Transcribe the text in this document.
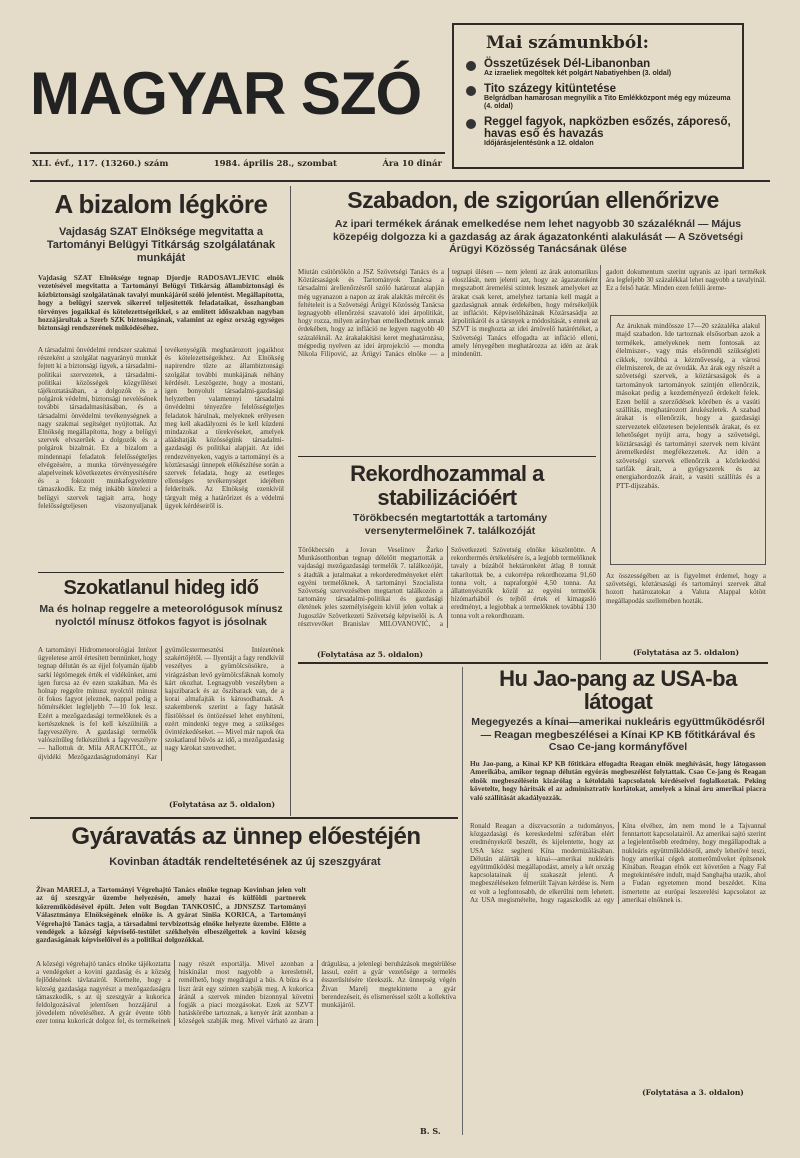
MAGYAR SZÓ
Mai számunkból:
Összetűzések Dél-Libanonban
Az izraeliek megöltek két polgárt Nabatiyehben (3. oldal)
Tito százegy kitüntetése
Belgrádban hamarosan megnyílik a Tito Emlékközpont még egy múzeuma (4. oldal)
Reggel fagyok, napközben esőzés, záporeső, havas eső és havazás
Időjárásjelentésünk a 12. oldalon
XLI. évf., 117. (13260.) szám	1984. április 28., szombat	Ára 10 dinár
A bizalom légköre
Vajdaság SZAT Elnöksége megvitatta a Tartományi Belügyi Titkárság szolgálatának munkáját
Vajdaság SZAT Elnöksége tegnap Djordje RADOSAVLJEVIC elnök vezetésével megvitatta a Tartományi Belügyi Titkárság állambiztonsági és közbiztonsági szolgálatának tavalyi munkájáról szóló jelentést. Megállapította, hogy a belügyi szervek sikerrel teljesítették feladataikat, összhangban törvényes jogaikkal és kötelezettségeikkel, s az említett időszakban nagyban hozzájárultak a Szerb SZK biztonságának, valamint az egész ország egységes biztonsági rendszerének működéséhez.
A társadalmi önvédelmi rendszer szakmai részeként a szolgálat nagyarányú munkát fejtett ki a biztonsági ügyek, a társadalmi-politikai szervezetek, a társadalmi-politikai közösségek közgyűlései tájékoztatásában, a dolgozók és a polgárok védelmi, biztonsági nevelésének további társadalmasításában, és a társadalmi önvédelmi tevékenységnek a nagy szakmai segítséget nyújtottak. Az Elnökség megállapította, hogy a belügyi szervek elvszerűek a dolgozók és a polgárok bizalmát. Ez a bizalom a mindennapi feladatok felelősségteljes elvégzésére, a munka törvényességére alapelveinek következetes érvényesítésére és a fokozott munkafegyelemre támaszkodik. Ez még inkább kötelezi a belügyi szervek tagjait arra, hogy felelősségteljesen viszonyuljanak tevékenységük meghatározott jogaikhoz és kötelezettségeikhez. Az Elnökség napirendre tűzte az állambiztonsági szolgálat további munkájának néhány kérdését. Leszögezte, hogy a mostani, igen bonyolult társadalmi-gazdasági helyzetben valamennyi társadalmi önvédelmi tényezőre felelősségteljes feladatok hárulnak, melyeknek erélyesen meg kell akadályozni és le kell küzdeni mindazokat a törekvéseket, amelyek alááshatják közösségünk társadalmi-gazdasági és politikai alapjait. Az idei rendezvényeken, vagyis a tartományi és a köztársasági ünnepek előkészítése során a szervek feladata, hogy az esetleges ellenséges tevékenységet idejében felderítsék. Az Elnökség ezenkívül tárgyalt még a határőrizet és a védelmi ügyek kérdéseiről is.
Szokatlanul hideg idő
Ma és holnap reggelre a meteorológusok mínusz nyolctól mínusz ötfokos fagyot is jósolnak
A tartományi Hidrometeorológiai Intézet ügyeletese arról értesített bennünket, hogy tegnap délután és az éjjel folyamán újabb sarki légtömegek érték el vidékünket, ami igen furcsa az év ezen szakában. Ma és holnap reggelre mínusz nyolctól mínusz öt fokos fagyot jeleznek, nappal pedig a hőmérséklet legfeljebb 7—10 fok lesz. Ezért a mezőgazdasági termelőknek és a kertészeknek is fel kell készülniük a fagyveszélyre. A gazdasági termelők valószínűleg felkészültek a fagyveszélyre — hallottuk dr. Mila ARACKITÓL, az újvidéki Mezőgazdaságtudományi Kar gyümölcstermesztési Intézetének szakértőjétől. — Ilyentájt a fagy rendkívül veszélyes a gyümölcsösökre, a virágzásban levő gyümölcsfáknak komoly kárt okozhat. Legnagyobb veszélyben a kajszibarack és az őszibarack van, de a korai almafajták is károsodhatnak. A szakemberek szerint a fagy hatását füstöléssel és öntözéssel lehet enyhíteni, ezért mindenki tegye meg a szükséges óvintézkedéseket. — Mivel már napok óta szokatlanul hűvös az idő, a mezőgazdaság nagy károkat szenvedhet.
(Folytatása az 5. oldalon)
Szabadon, de szigorúan ellenőrizve
Az ipari termékek árának emelkedése nem lehet nagyobb 30 százaléknál — Május közepéig dolgozza ki a gazdaság az árak ágazatonkénti alakulását — A Szövetségi Árügyi Közösség Tanácsának ülése
Miután csütörtökön a JSZ Szövetségi Tanács és a Köztársaságok és Tartományok Tanácsa a társadalmi árellenőrzésről szóló határozat alapján még ugyanazon a napon az árak alakítás mércéit és feltételeit is a Szövetségi Árügyi Közösség Tanácsa legnagyobb ellenőrzési szavatoló idei árpolitikát, hogy rozza, milyen arányban emelkedhetnek annak érdekében, hogy az infláció ne legyen nagyobb 40 százaléknál. Az árakalakítási keret meghatározása, mégpedig nyelven az idei árprojekció — mondta Nikola Filipović, az Árügyi Tanács elnöke — a tegnapi ülésen — nem jelenti az árak automatikus eloszlását, nem jelenti azt, hogy az ágazatonként megszabott áremelési szintek lesznek amelyeket az árakat csak keret, amelyhez tartania kell magát a gazdaságnak annak érdekében, hogy mérsékeljük az inflációt. Képviselőházának Közársasádja az árpolitikáról és a társnyek a módosítását, s ennek az SZVT is meghozta az idei árnövelő határértéket, a Szövetségi Tanács elfogadta az infláció elleni, amely lényegében meghatározza az idén az árak mindenütt.
gadott dokumentum szerint ugyanis az ipari termékek ára legfeljebb 30 százalékkal lehet nagyobb a tavalyinál. Ez a felső határ. Minden ezen felüli áreme-
Az áruknak mindössze 17—20 százaléka alakul majd szabadon. Ide tartoznak elsősorban azok a termékek, amelyeknek nem fontosak az élelmiszer-, vagy más elsőrendű szükségleti cikkek, továbbá a kézművesség, a városi élelmiszerek, de az óvodák. Az árak egy részét a szövetségi szervek, a köztársaságok és a tartományok tartományok szintjén ellenőrzik, másokat pedig a kezdeményező érdekelt felek. Ezen belül a szerződések körében és a vasúti szállítás, meghatározott árukészletek. A szabad árakat is ellenőrzik, hogy a gazdasági szervezetek előzetesen bejelentsék árakat, és ez lehetőséget nyújt arra, hogy a szövetségi, köztársasági és tartományi szervek nem kívánt áremelkedést megfékezzenek. Az idén a szövetségi szervek ellenőrzik a közlekedési tarifák árait, a gyógyszerek és az energiahordozók árait, a vasúti szállítás és a PTT-díjszabás.
Az összességében az is figyelmet érdemel, hogy a szövetségi, köztársasági és tartományi szervek által hozott határozatokat a Valuta Alappal kötött megállapodás szellemében hozták.
(Folytatása az 5. oldalon)
Rekordhozammal a stabilizációért
Törökbecsén megtartották a tartomány versenytermelőinek 7. találkozóját
Törökbecsén a Jovan Veselinov Žarko Munkásotthonban tegnap délelőtt megtartották a vajdasági mezőgazdasági termelők 7. találkozóját, s átadták a jutalmakat a rekorderedményeket elért egyéni termelőknek. A tartományi Szocialista Szövetség szervezésében megtartott találkozón a tartomány társadalmi-politikai és gazdasági életének jeles személyiségein kívül jelen voltak a Jugoszláv Szövetkezeti Szövetség képviselői is. A résztvevőket Branislav MILOVANOVIĆ, a Szövetkezeti Szövetség elnöke köszöntötte. A rekordtermés értékelésére is, a legjobb termelőknek tavaly a búzából hektáronként átlag 8 tonnát takarítottak be, a cukorrépa rekordhozama 91,60 tonna volt, a napraforgóé 4,50 tonna. Az állattenyésztők közül az egyéni termelők hízómarhából és tejből értek el kimagasló eredményt, a legjobbak a termelőknek továbbá 130 tonna volt a rekordhozam.
(Folytatása az 5. oldalon)
Hu Jao-pang az USA-ba látogat
Megegyezés a kínai—amerikai nukleáris együttműködésről — Reagan megbeszélései a Kínai KP KB főtitkárával és Csao Ce-jang kormányfővel
Hu Jao-pang, a Kínai KP KB főtitkára elfogadta Reagan elnök meghívását, hogy látogasson Amerikába, amikor tegnap délután egyórás megbeszélést folytattak. Csao Ce-jang és Reagan elnök megbeszélésein kizárólag a kétoldalú kapcsolatok kérdéseivel foglalkoztak. Peking követelte, hogy hárítsák el az adminisztratív korlátokat, amelyek a kínai áru amerikai piacra való szállítását akadályozzák.
Ronald Reagan a díszvacsorán a tudományos, közgazdasági és kereskedelmi szférában elért eredményekről beszélt, és kijelentette, hogy az USA kész segíteni Kína modernizálásában. Délután aláírták a kínai—amerikai nukleáris együttműködési megállapodást, amely a két ország kapcsolatainak új szakaszát jelenti. A megbeszéléseken felmerült Tajvan kérdése is. Nem ez volt a legfontosabb, de elkerülni nem lehetett. Az USA megismételte, hogy ragaszkodik az egy Kína elvéhez, ám nem mond le a Tajvannal fenntartott kapcsolatairól. Az amerikai sajtó szerint a legjelentősebb eredmény, hogy megállapodtak a nukleáris együttműködésről, amely lehetővé teszi, hogy amerikai cégek atomerőműveket építsenek Kínában. Reagan elnök ezt követően a Nagy Fal megtekintésére indult, majd Sanghajba utazik, ahol a Fudan egyetemen mond beszédet. Kína ismertette az európai leszerelési kapcsolatot az amerikai elnöknek is.
(Folytatása a 3. oldalon)
Gyáravatás az ünnep előestéjén
Kovinban átadták rendeltetésének az új szeszgyárat
Živan MARELJ, a Tartományi Végrehajtó Tanács elnöke tegnap Kovinban jelen volt az új szeszgyár üzembe helyezésén, amely hazai és külföldi partnerek közreműködésével épült. Jelen volt Bogdan TANKOSIĆ, a JDNSZSZ Tartományi Választmánya Elnökségének elnöke is. A gyárat Siniša KORICA, a Tartományi Végrehajtó Tanács tagja, a társadalmi tervbizottság elnöke helyezte üzembe. Előtte a vendégek a községi képviselő-testület székhelyén elbeszélgettek a kovini község gazdaságának képviselőivel és a politikai dolgozókkal.
A községi végrehajtó tanács elnöke tájékoztatta a vendégeket a kovini gazdaság és a község fejlődésének távlatairól. Kiemelte, hogy a község gazdasága nagyrészt a mezőgazdaságra támaszkodik, s az új szeszgyár a kukorica feldolgozásával jelentősen hozzájárul a jövedelem növeléséhez. A gyár évente több ezer tonna kukoricát dolgoz fel, és termékeinek nagy részét exportálja. Mivel azonban a húskínálat most nagyobb a keresletnél, remélhető, hogy megdrágul a hús. A búza és a liszt árát egy szinten szabják meg. A kukorica áránál a szervek minden bizonnyal követni fogják a piaci mozgásokat. Ezek az SZVT hatáskörébe tartoznak, a kenyér árát azonban a községek szabják meg. Mivel várható az áram drágulása, a jelenlegi beruházások megtérülése lassul, ezért a gyár vezetősége a termelés ésszerűsítésére törekszik. Az ünnepség végén Živan Marelj megtekintette a gyár berendezéseit, és elismeréssel szólt a kollektíva munkájáról.
B. S.
